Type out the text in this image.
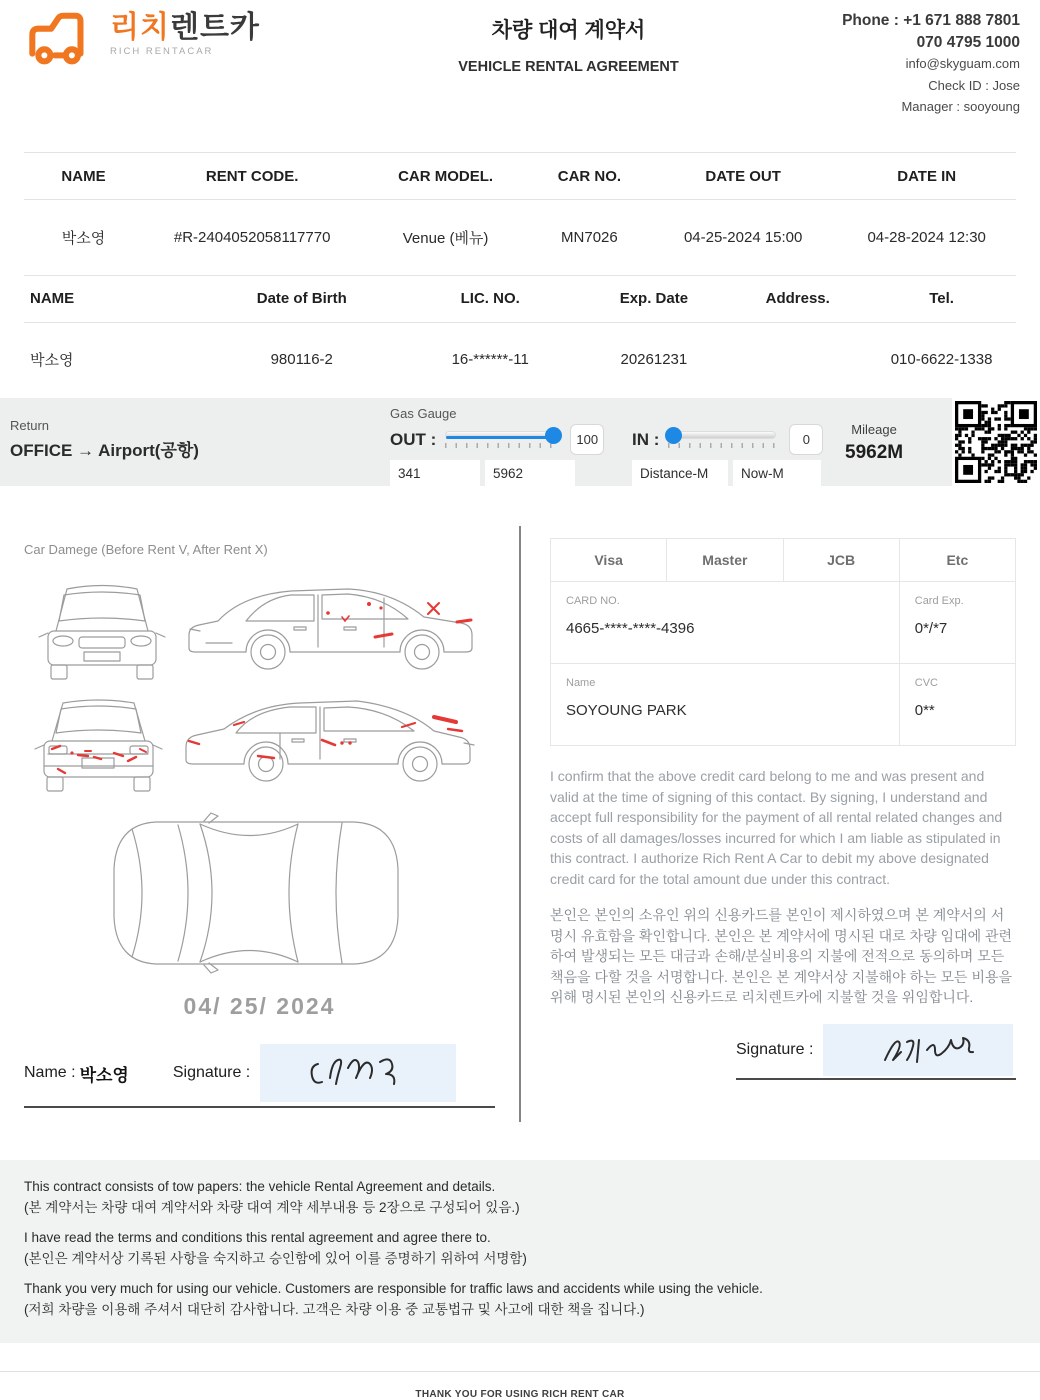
리치렌트카
RICH RENTACAR
차량 대여 계약서
VEHICLE RENTAL AGREEMENT
Phone : +1 671 888 7801
070 4795 1000
info@skyguam.com
Check ID : Jose
Manager : sooyoung
NAME	RENT CODE.	CAR MODEL.	CAR NO.	DATE OUT	DATE IN
박소영	#R-2404052058117770	Venue (베뉴)	MN7026	04-25-2024 15:00	04-28-2024 12:30
NAME	Date of Birth	LIC. NO.	Exp. Date	Address.	Tel.
박소영	980116-2	16-******-11	20261231		010-6622-1338
Return
OFFICE → Airport(공항)
Gas Gauge
OUT :	100	IN :	0
341
5962
Distance-M
Now-M
Mileage
5962M
Car Damege (Before Rent V, After Rent X)
04/ 25/ 2024
Name : 박소영	Signature :
Visa	Master	JCB	Etc

CARD NO.
4665-****-****-4396

Card Exp.
0*/*7

Name
SOYOUNG PARK

CVC
0**

I confirm that the above credit card belong to me and was present and valid at the time of signing of this contact. By signing, I understand and accept full responsibility for the payment of all rental related changes and costs of all damages/losses incurred for which I am liable as stipulated in this contract. I authorize Rich Rent A Car to debit my above designated credit card for the total amount due under this contract.

본인은 본인의 소유인 위의 신용카드를 본인이 제시하였으며 본 계약서의 서명시 유효함을 확인합니다. 본인은 본 계약서에 명시된 대로 차량 임대에 관련하여 발생되는 모든 대금과 손해/분실비용의 지불에 전적으로 동의하며 모든 책음을 다할 것을 서명합니다. 본인은 본 계약서상 지불해야 하는 모든 비용을 위해 명시된 본인의 신용카드로 리치렌트카에 지불할 것을 위임합니다.

Signature :

This contract consists of tow papers: the vehicle Rental Agreement and details.

(본 계약서는 차량 대여 계약서와 차량 대여 계약 세부내용 등 2장으로 구성되어 있음.)

I have read the terms and conditions this rental agreement and agree there to.

(본인은 계약서상 기록된 사항을 숙지하고 승인함에 있어 이를 증명하기 위하여 서명함)

Thank you very much for using our vehicle. Customers are responsible for traffic laws and accidents while using the vehicle.

(저희 차량을 이용해 주셔서 대단히 감사합니다. 고객은 차량 이용 중 교통법규 및 사고에 대한 책을 집니다.)

THANK YOU FOR USING RICH RENT CAR
